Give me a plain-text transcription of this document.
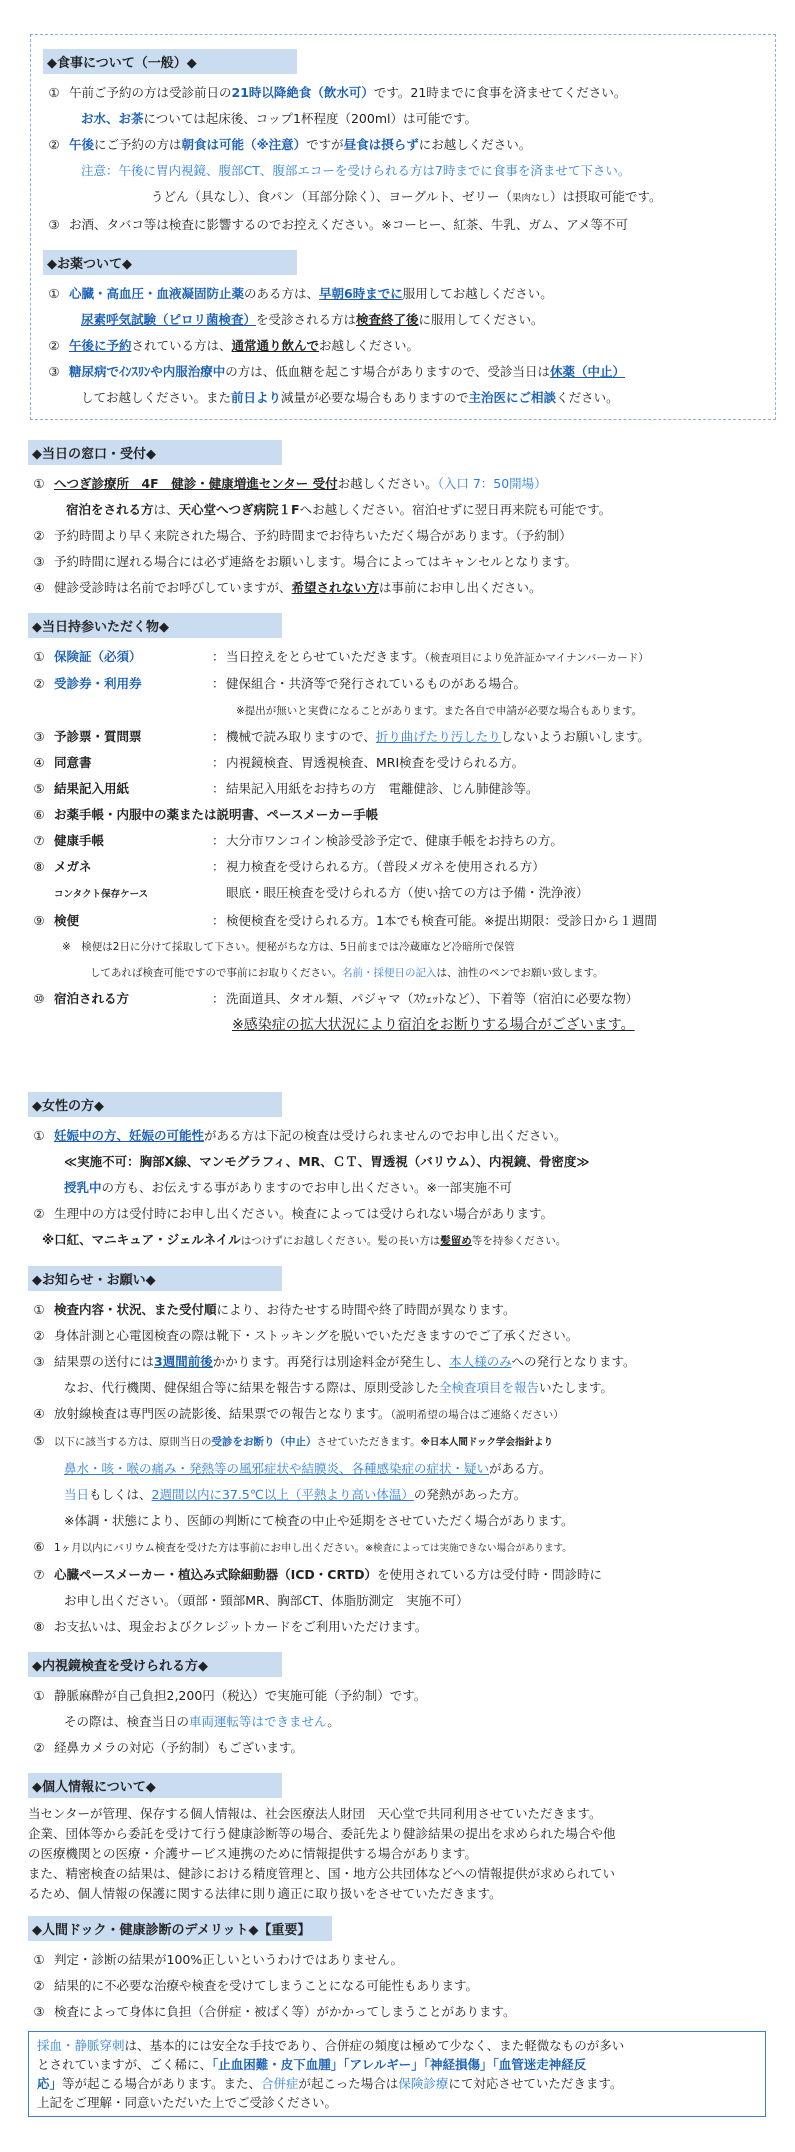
◆食事について（一般）◆
① 午前ご予約の方は受診前日の21時以降絶食（飲水可）です。21時までに食事を済ませてください。
お水、お茶については起床後、コップ1杯程度（200ml）は可能です。
② 午後にご予約の方は朝食は可能（※注意）ですが昼食は摂らずにお越しください。
注意：午後に胃内視鏡、腹部CT、腹部エコーを受けられる方は7時までに食事を済ませて下さい。
うどん（具なし）、食パン（耳部分除く）、ヨーグルト、ゼリー（果肉なし）は摂取可能です。
③ お酒、タバコ等は検査に影響するのでお控えください。※コーヒー、紅茶、牛乳、ガム、アメ等不可
◆お薬ついて◆
① 心臓・高血圧・血液凝固防止薬のある方は、早朝6時までに服用してお越しください。
尿素呼気試験（ピロリ菌検査）を受診される方は検査終了後に服用してください。
② 午後に予約されている方は、通常通り飲んでお越しください。
③ 糖尿病でｲﾝｽﾘﾝや内服治療中の方は、低血糖を起こす場合がありますので、受診当日は休薬（中止）
してお越しください。また前日より減量が必要な場合もありますので主治医にご相談ください。
◆当日の窓口・受付◆
① へつぎ診療所　4F　健診・健康増進センター 受付お越しください。（入口 7：50開場）
宿泊をされる方は、天心堂へつぎ病院１Fへお越しください。宿泊せずに翌日再来院も可能です。
② 予約時間より早く来院された場合、予約時間までお待ちいただく場合があります。（予約制）
③ 予約時間に遅れる場合には必ず連絡をお願いします。場合によってはキャンセルとなります。
④ 健診受診時は名前でお呼びしていますが、希望されない方は事前にお申し出ください。
◆当日持参いただく物◆
① 保険証（必須）	：当日控えをとらせていただきます。（検査項目により免許証かマイナンバーカード）
② 受診券・利用券	：健保組合・共済等で発行されているものがある場合。
※提出が無いと実費になることがあります。また各自で申請が必要な場合もあります。
③ 予診票・質問票	：機械で読み取りますので、折り曲げたり汚したりしないようお願いします。
④ 同意書	：内視鏡検査、胃透視検査、MRI検査を受けられる方。
⑤ 結果記入用紙	：結果記入用紙をお持ちの方　電離健診、じん肺健診等。
⑥ お薬手帳・内服中の薬または説明書、ペースメーカー手帳
⑦ 健康手帳	：大分市ワンコイン検診受診予定で、健康手帳をお持ちの方。
⑧ メガネ	：視力検査を受けられる方。（普段メガネを使用される方）
コンタクト保存ケース	眼底・眼圧検査を受けられる方（使い捨ての方は予備・洗浄液）
⑨ 検便	：検便検査を受けられる方。1本でも検査可能。※提出期限：受診日から１週間
※　検便は2日に分けて採取して下さい。便秘がちな方は、5日前までは冷蔵庫など冷暗所で保管
してあれば検査可能ですので事前にお取りください。名前・採便日の記入は、油性のペンでお願い致します。
⑩ 宿泊される方	：洗面道具、タオル類、パジャマ（ｽｳｪｯﾄなど）、下着等（宿泊に必要な物）
※感染症の拡大状況により宿泊をお断りする場合がございます。
◆女性の方◆
① 妊娠中の方、妊娠の可能性がある方は下記の検査は受けられませんのでお申し出ください。
≪実施不可：胸部X線、マンモグラフィ、MR、ＣＴ、胃透視（バリウム）、内視鏡、骨密度≫
授乳中の方も、お伝えする事がありますのでお申し出ください。※一部実施不可
② 生理中の方は受付時にお申し出ください。検査によっては受けられない場合があります。
※口紅、マニキュア・ジェルネイルはつけずにお越しください。髪の長い方は髪留め等を持参ください。
◆お知らせ・お願い◆
① 検査内容・状況、また受付順により、お待たせする時間や終了時間が異なります。
② 身体計測と心電図検査の際は靴下・ストッキングを脱いでいただきますのでご了承ください。
③ 結果票の送付には3週間前後かかります。再発行は別途料金が発生し、本人様のみへの発行となります。
なお、代行機関、健保組合等に結果を報告する際は、原則受診した全検査項目を報告いたします。
④ 放射線検査は専門医の読影後、結果票での報告となります。（説明希望の場合はご連絡ください）
⑤ 以下に該当する方は、原則当日の受診をお断り（中止）させていただきます。※日本人間ドック学会指針より
鼻水・咳・喉の痛み・発熱等の風邪症状や結膜炎、各種感染症の症状・疑いがある方。
当日もしくは、2週間以内に37.5℃以上（平熱より高い体温）の発熱があった方。
※体調・状態により、医師の判断にて検査の中止や延期をさせていただく場合があります。
⑥ 1ヶ月以内にバリウム検査を受けた方は事前にお申し出ください。※検査によっては実施できない場合があります。
⑦ 心臓ペースメーカー・植込み式除細動器（ICD・CRTD）を使用されている方は受付時・問診時に
お申し出ください。（頭部・頸部MR、胸部CT、体脂肪測定　実施不可）
⑧ お支払いは、現金およびクレジットカードをご利用いただけます。
◆内視鏡検査を受けられる方◆
① 静脈麻酔が自己負担2,200円（税込）で実施可能（予約制）です。
その際は、検査当日の車両運転等はできません。
② 経鼻カメラの対応（予約制）もございます。
◆個人情報について◆
当センターが管理、保存する個人情報は、社会医療法人財団　天心堂で共同利用させていただきます。
企業、団体等から委託を受けて行う健康診断等の場合、委託先より健診結果の提出を求められた場合や他
の医療機関との医療・介護サービス連携のために情報提供する場合があります。
また、精密検査の結果は、健診における精度管理と、国・地方公共団体などへの情報提供が求められてい
るため、個人情報の保護に関する法律に則り適正に取り扱いをさせていただきます。
◆人間ドック・健康診断のデメリット◆【重要】
① 判定・診断の結果が100%正しいというわけではありません。
② 結果的に不必要な治療や検査を受けてしまうことになる可能性もあります。
③ 検査によって身体に負担（合併症・被ばく等）がかかってしまうことがあります。
採血・静脈穿刺は、基本的には安全な手技であり、合併症の頻度は極めて少なく、また軽微なものが多い
とされていますが、ごく稀に、「止血困難・皮下血腫」「アレルギー」「神経損傷」「血管迷走神経反
応」等が起こる場合があります。また、合併症が起こった場合は保険診療にて対応させていただきます。
上記をご理解・同意いただいた上でご受診ください。
